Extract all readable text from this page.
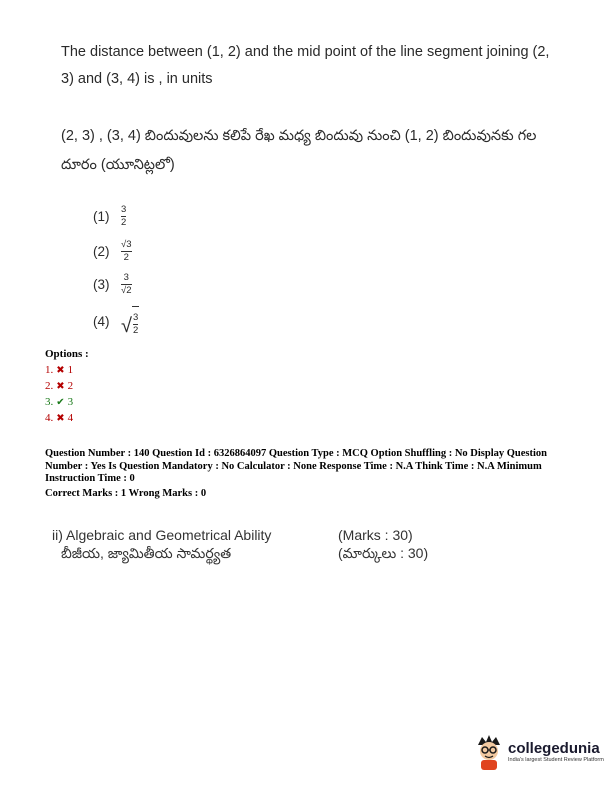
The distance between (1, 2) and the mid point of the line segment joining (2, 3) and (3, 4) is , in units
(2, 3) , (3, 4) బిందువులను కలిపే రేఖ మధ్య బిందువు నుంచి (1, 2) బిందువునకు గల దూరం (యూనిట్లలో)
(1)	$\frac{3}{2}$
(2)	$\frac{√3}{2}$
(3)	$\frac{3}{√2}$
(4) √ $\frac{3}{2}$
Options :
1. ✖ 1
2. ✖ 2
3. ✔ 3
4. ✖ 4
Question Number : 140 Question Id : 6326864097 Question Type : MCQ Option Shuffling : No Display Question Number : Yes Is Question Mandatory : No Calculator : None Response Time : N.A Think Time : N.A Minimum Instruction Time : 0
Correct Marks : 1 Wrong Marks : 0
ii) Algebraic and Geometrical Ability
బీజీయ, జ్యామితీయ సామర్థ్యత
(Marks : 30)
(మార్కులు : 30)
collegedunia
India's largest Student Review Platform
